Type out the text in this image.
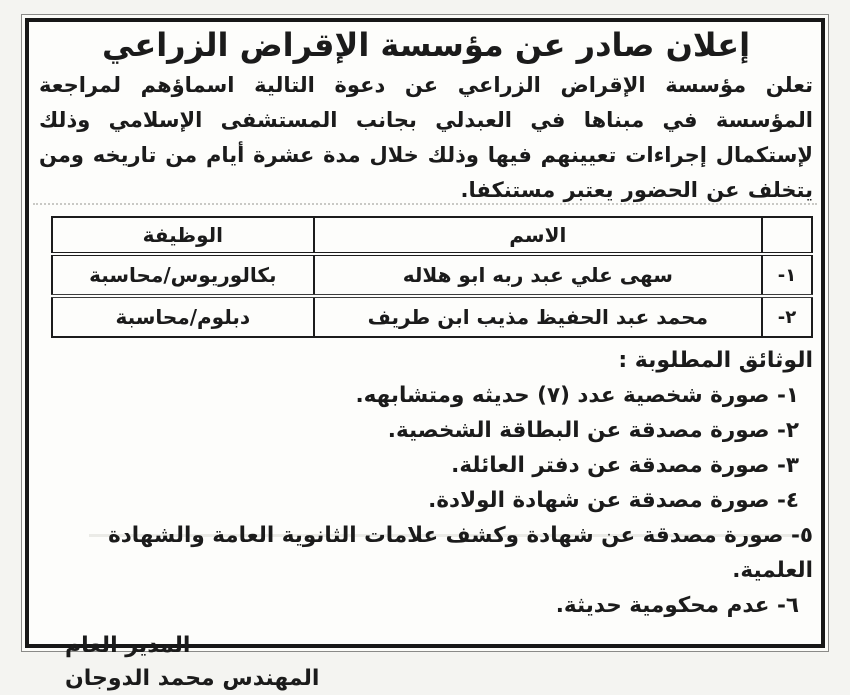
إعلان صادر عن مؤسسة الإقراض الزراعي

تعلن مؤسسة الإقراض الزراعي عن دعوة التالية اسماؤهم لمراجعة المؤسسة في مبناها في العبدلي بجانب المستشفى الإسلامي وذلك لإستكمال إجراءات تعيينهم فيها وذلك خلال مدة عشرة أيام من تاريخه ومن يتخلف عن الحضور يعتبر مستنكفا.

	الاسم	الوظيفة
١-	سهى علي عبد ربه ابو هلاله	بكالوريوس/محاسبة
٢-	محمد عبد الحفيظ مذيب ابن طريف	دبلوم/محاسبة
الوثائق المطلوبة :
١- صورة شخصية عدد (٧) حديثه ومتشابهه.
٢- صورة مصدقة عن البطاقة الشخصية.
٣- صورة مصدقة عن دفتر العائلة.
٤- صورة مصدقة عن شهادة الولادة.
٥- صورة مصدقة عن شهادة وكشف علامات الثانوية العامة والشهادة العلمية.
٦- عدم محكومية حديثة.
المدير العام
المهندس محمد الدوجان
